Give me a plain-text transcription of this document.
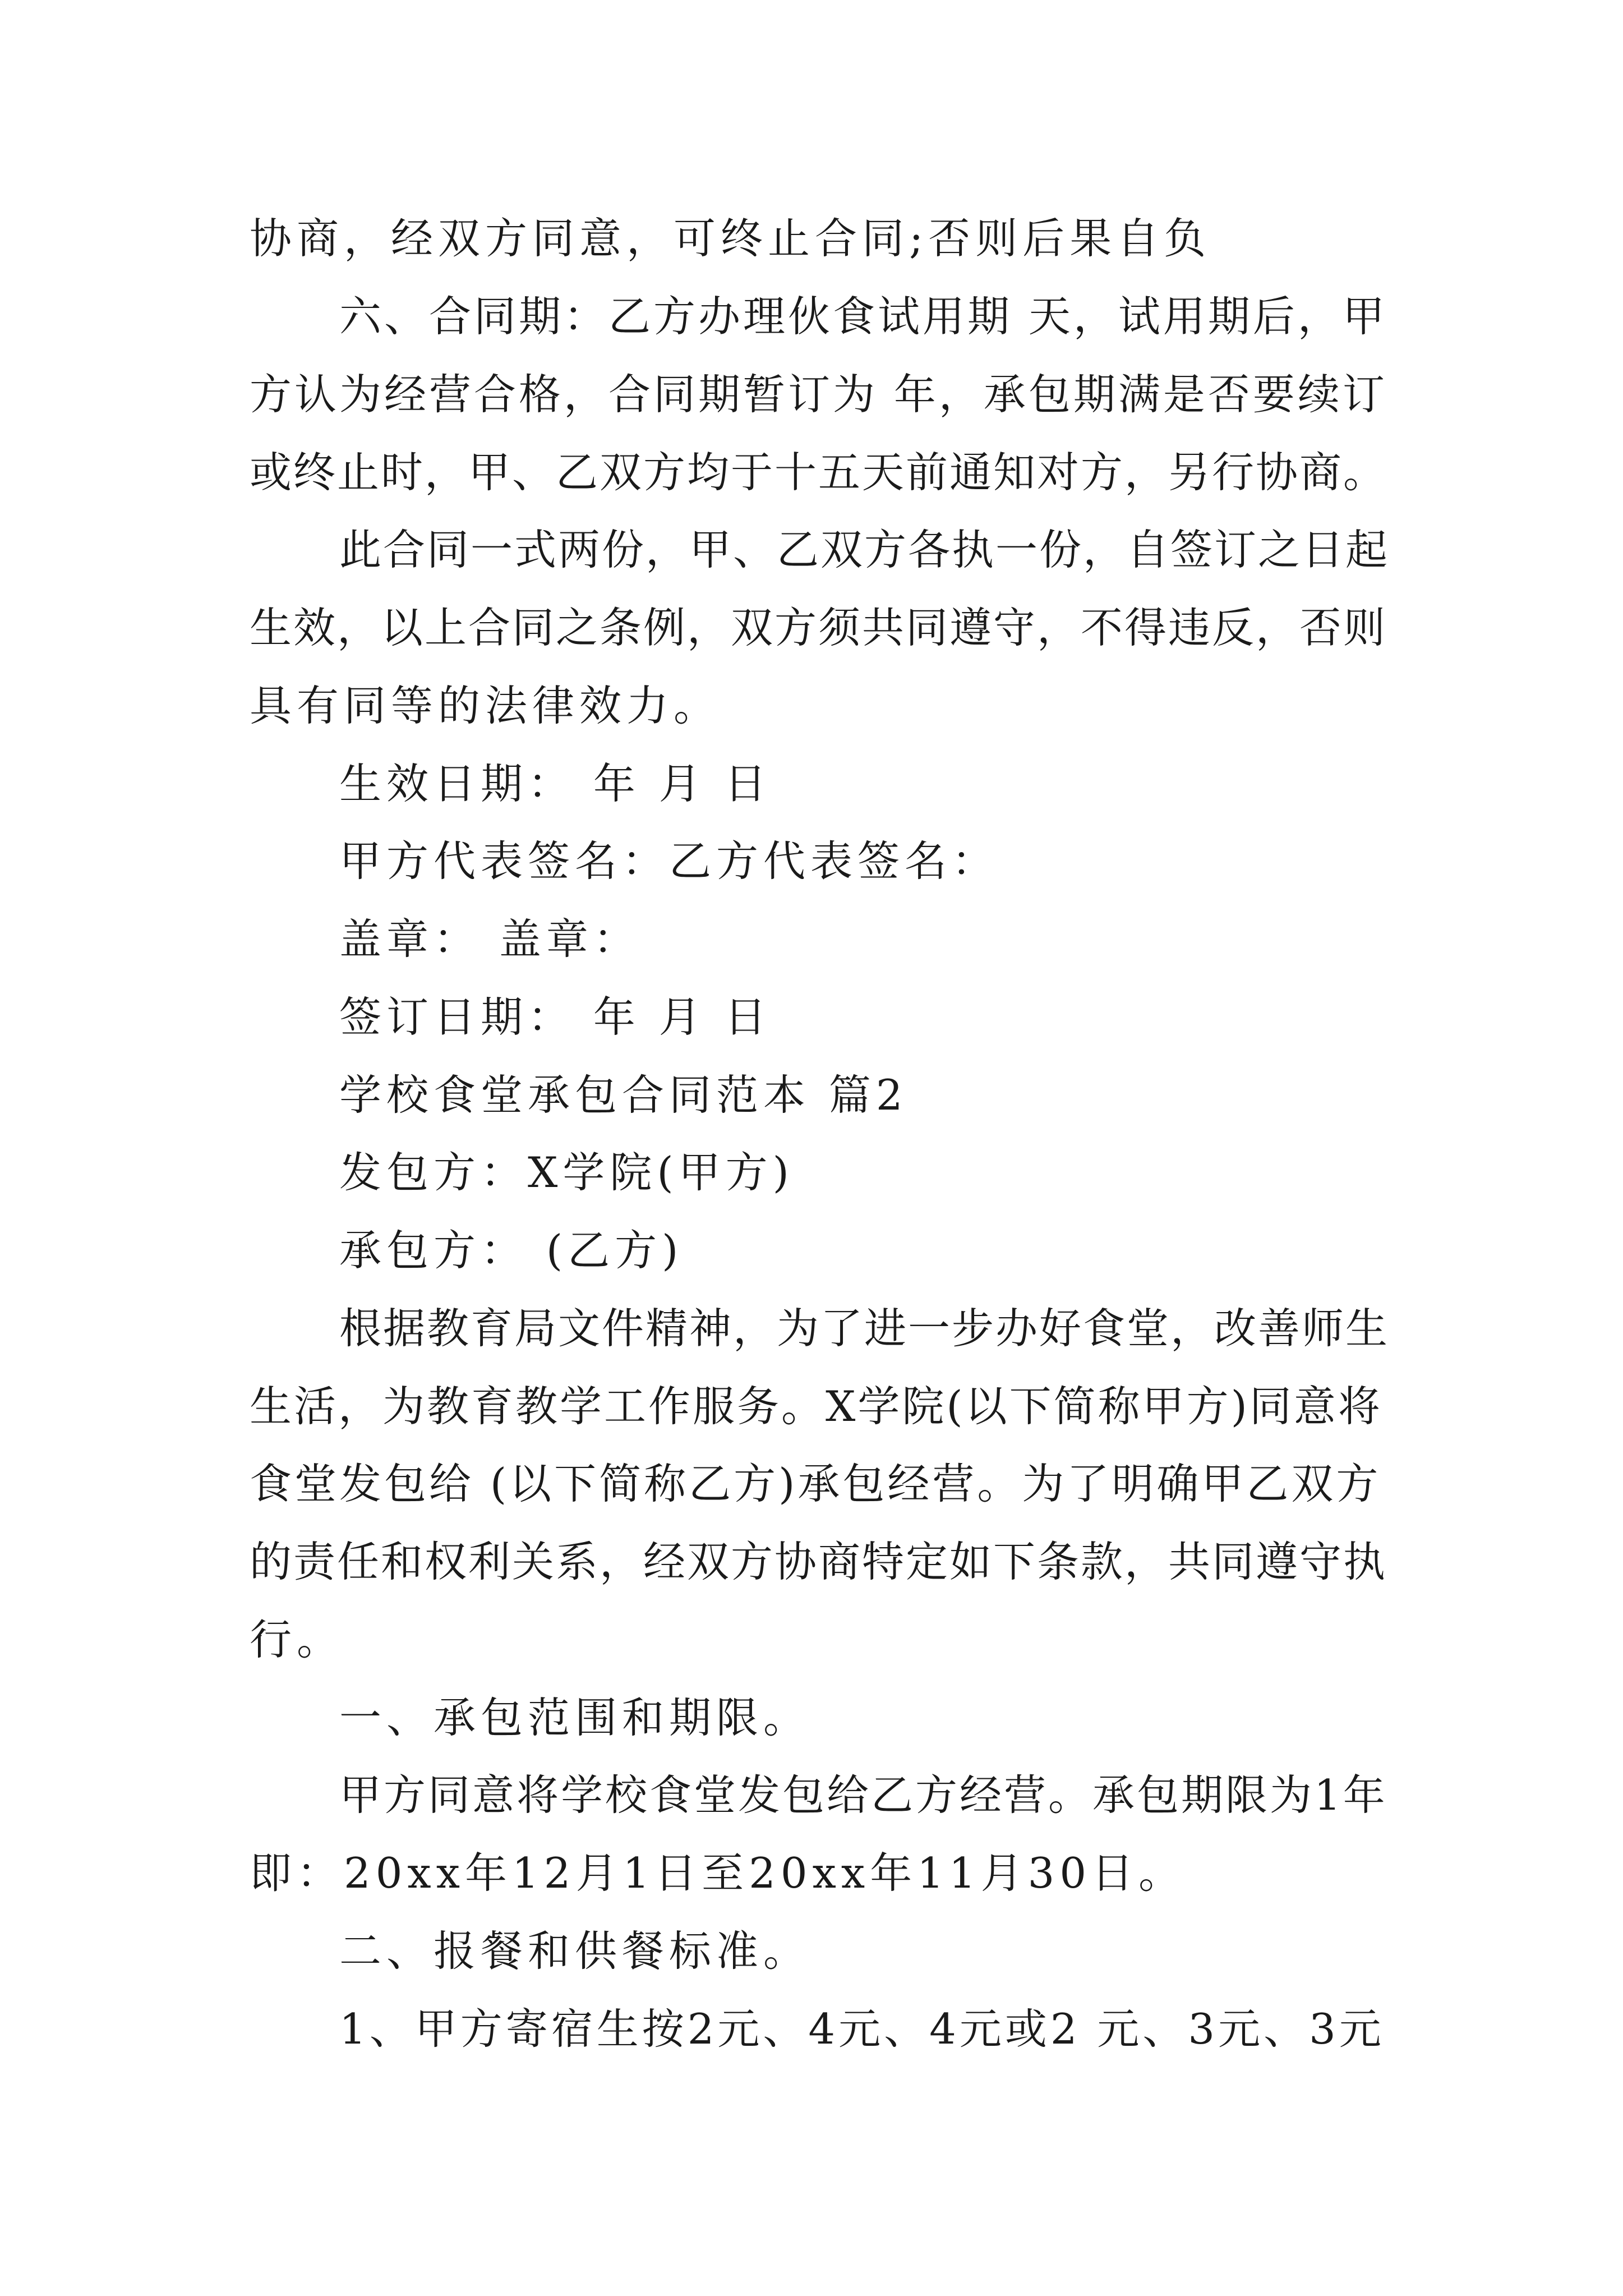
协商，经双方同意，可终止合同;否则后果自负
六、合同期：乙方办理伙食试用期 天，试用期后，甲
方认为经营合格，合同期暂订为 年，承包期满是否要续订
或终止时，甲、乙双方均于十五天前通知对方，另行协商。
此合同一式两份，甲、乙双方各执一份，自签订之日起
生效，以上合同之条例，双方须共同遵守，不得违反，否则
具有同等的法律效力。
生效日期： 年 月 日
甲方代表签名：乙方代表签名：
盖章： 盖章：
签订日期： 年 月 日
学校食堂承包合同范本 篇2
发包方：X学院(甲方)
承包方： (乙方)
根据教育局文件精神，为了进一步办好食堂，改善师生
生活，为教育教学工作服务。X学院(以下简称甲方)同意将
食堂发包给 (以下简称乙方)承包经营。为了明确甲乙双方
的责任和权利关系，经双方协商特定如下条款，共同遵守执
行。
一、承包范围和期限。
甲方同意将学校食堂发包给乙方经营。承包期限为1年
即：20xx年12月1日至20xx年11月30日。
二、报餐和供餐标准。
1、甲方寄宿生按2元、4元、4元或2 元、3元、3元
